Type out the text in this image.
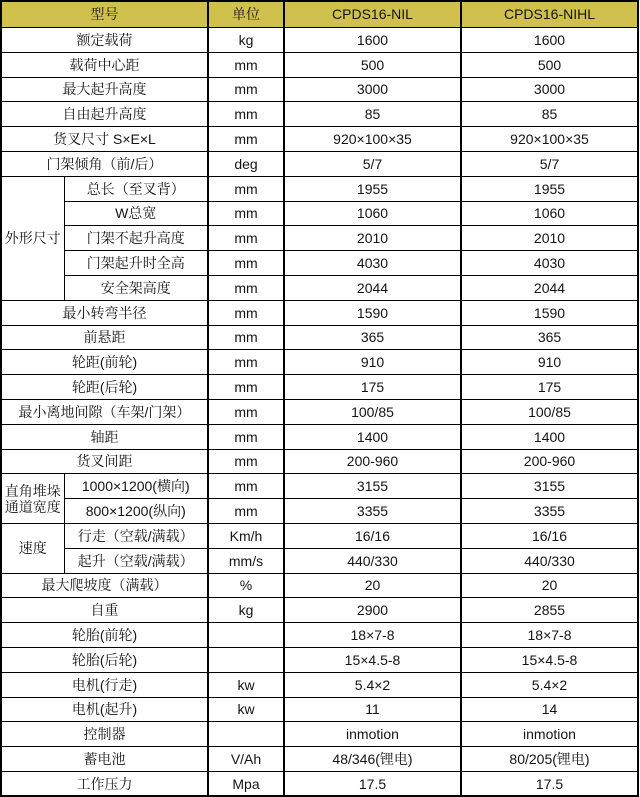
型号		单位	CPDS16-NIL	CPDS16-NIHL
额定载荷		kg	1600	1600
载荷中心距		mm	500	500
最大起升高度		mm	3000	3000
自由起升高度		mm	85	85
货叉尺寸 S×E×L		mm	920×100×35	920×100×35
门架倾角（前/后）		deg	5/7	5/7
外形尺寸	总长（至叉背）	mm	1955	1955
	W总宽	mm	1060	1060
	门架不起升高度	mm	2010	2010
	门架起升时全高	mm	4030	4030
	安全架高度	mm	2044	2044
最小转弯半径		mm	1590	1590
前悬距		mm	365	365
轮距(前轮)		mm	910	910
轮距(后轮)		mm	175	175
最小离地间隙（车架/门架）		mm	100/85	100/85
轴距		mm	1400	1400
货叉间距		mm	200-960	200-960
直角堆垛通道宽度	1000×1200(横向)	mm	3155	3155
	800×1200(纵向)	mm	3355	3355
速度	行走（空载/满载）	Km/h	16/16	16/16
	起升（空载/满载）	mm/s	440/330	440/330
最大爬坡度（满载）		%	20	20
自重		kg	2900	2855
轮胎(前轮)			18×7-8	18×7-8
轮胎(后轮)			15×4.5-8	15×4.5-8
电机(行走)		kw	5.4×2	5.4×2
电机(起升)		kw	11	14
控制器			inmotion	inmotion
蓄电池		V/Ah	48/346(锂电)	80/205(锂电)
工作压力		Mpa	17.5	17.5
